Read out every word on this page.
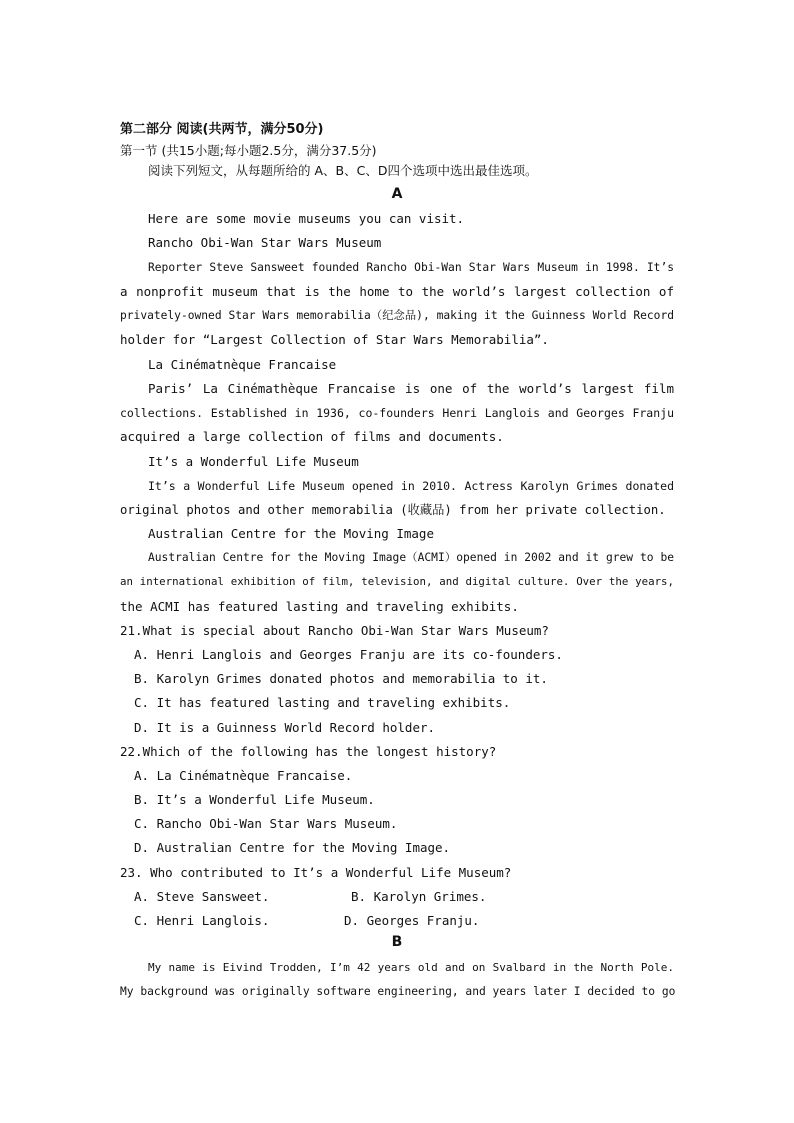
第二部分 阅读(共两节，满分50分)
第一节 (共15小题;每小题2.5分，满分37.5分)
阅读下列短文，从每题所给的 A、B、C、D四个选项中选出最佳选项。
A
Here are some movie museums you can visit.
Rancho Obi-Wan Star Wars Museum
Reporter Steve Sansweet founded Rancho Obi-Wan Star Wars Museum in 1998. It’s
a nonprofit museum that is the home to the world’s largest collection of
privately-owned Star Wars memorabilia（纪念品), making it the Guinness World Record
holder for “Largest Collection of Star Wars Memorabilia”.
La Cinématnèque Francaise
Paris’ La Cinémathèque Francaise is one of the world’s largest film
collections. Established in 1936, co-founders Henri Langlois and Georges Franju
acquired a large collection of films and documents.
It’s a Wonderful Life Museum
It’s a Wonderful Life Museum opened in 2010. Actress Karolyn Grimes donated
original photos and other memorabilia (收藏品) from her private collection.
Australian Centre for the Moving Image
Australian Centre for the Moving Image（ACMI）opened in 2002 and it grew to be
an international exhibition of film, television, and digital culture. Over the years,
the ACMI has featured lasting and traveling exhibits.
21.What is special about Rancho Obi-Wan Star Wars Museum?
A. Henri Langlois and Georges Franju are its co-founders.
B. Karolyn Grimes donated photos and memorabilia to it.
C. It has featured lasting and traveling exhibits.
D. It is a Guinness World Record holder.
22.Which of the following has the longest history?
A. La Cinématnèque Francaise.
B. It’s a Wonderful Life Museum.
C. Rancho Obi-Wan Star Wars Museum.
D. Australian Centre for the Moving Image.
23. Who contributed to It’s a Wonderful Life Museum?
A. Steve Sansweet.	B. Karolyn Grimes.
C. Henri Langlois.	D. Georges Franju.
B
My name is Eivind Trodden, I’m 42 years old and on Svalbard in the North Pole.
My background was originally software engineering, and years later I decided to go
